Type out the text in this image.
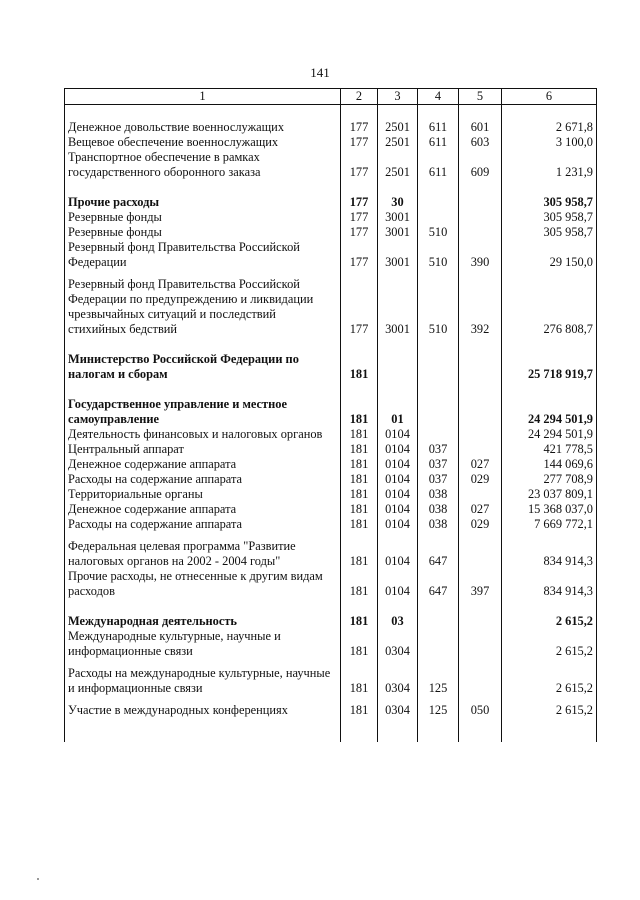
141
1	2	3	4	5	6

Денежное довольствие военнослужащих	177	2501	611	601	2 671,8
Вещевое обеспечение военнослужащих	177	2501	611	603	3 100,0
Транспортное обеспечение в рамках государственного оборонного заказа	177	2501	611	609	1 231,9

Прочие расходы	177	30			305 958,7
Резервные фонды	177	3001			305 958,7
Резервные фонды	177	3001	510		305 958,7
Резервный фонд Правительства Российской Федерации	177	3001	510	390	29 150,0

Резервный фонд Правительства Российской Федерации по предупреждению и ликвидации чрезвычайных ситуаций и последствий стихийных бедствий	177	3001	510	392	276 808,7

Министерство Российской Федерации по налогам и сборам	181				25 718 919,7

Государственное управление и местное самоуправление	181	01			24 294 501,9
Деятельность финансовых и налоговых органов	181	0104			24 294 501,9
Центральный аппарат	181	0104	037		421 778,5
Денежное содержание аппарата	181	0104	037	027	144 069,6
Расходы на содержание аппарата	181	0104	037	029	277 708,9
Территориальные органы	181	0104	038		23 037 809,1
Денежное содержание аппарата	181	0104	038	027	15 368 037,0
Расходы на содержание аппарата	181	0104	038	029	7 669 772,1

Федеральная целевая программа "Развитие налоговых органов на 2002 - 2004 годы"	181	0104	647		834 914,3
Прочие расходы, не отнесенные к другим видам расходов	181	0104	647	397	834 914,3

Международная деятельность	181	03			2 615,2
Международные культурные, научные и информационные связи	181	0304			2 615,2

Расходы на международные культурные, научные и информационные связи	181	0304	125		2 615,2

Участие в международных конференциях	181	0304	125	050	2 615,2
